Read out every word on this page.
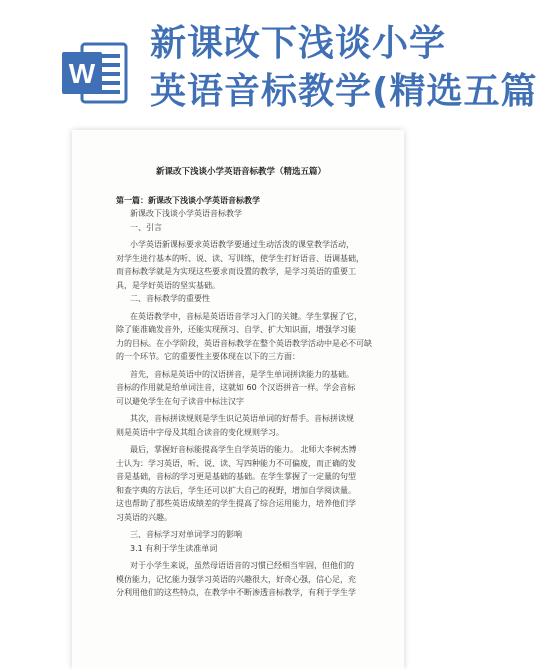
W
新课改下浅谈小学
英语音标教学(精选五篇

新课改下浅谈小学英语音标教学（精选五篇）

第一篇：新课改下浅谈小学英语音标教学

新课改下浅谈小学英语音标教学

一、引言

小学英语新课标要求英语教学要通过生动活泼的课堂教学活动，

对学生进行基本的听、说、读、写训练，使学生打好语音、语调基础，

而音标教学就是为实现这些要求而设置的教学，是学习英语的重要工

具，是学好英语的坚实基础。

二、音标教学的重要性

在英语教学中，音标是英语语音学习入门的关键。学生掌握了它，

除了能准确发音外，还能实现预习、自学、扩大知识面，增强学习能

力的目标。在小学阶段，英语音标教学在整个英语教学活动中是必不可缺

的一个环节。它的重要性主要体现在以下的三方面：

首先，音标是英语中的汉语拼音，是学生单词拼读能力的基础。

音标的作用就是给单词注音，这就如 60 个汉语拼音一样。学会音标

可以避免学生在句子读音中标注汉字

其次，音标拼读规则是学生识记英语单词的好帮手。音标拼读规

则是英语中字母及其组合读音的变化规则学习。

最后，掌握好音标能提高学生自学英语的能力。 北师大李树杰博

士认为：学习英语，听、说、读、写四种能力不可偏废，而正确的发

音是基础，音标的学习更是基础的基础。在学生掌握了一定量的句型

和查字典的方法后，学生还可以扩大自己的视野，增加自学阅读量。

这也帮助了那些英语成绩差的学生提高了综合运用能力，培养他们学

习英语的兴趣。

三、音标学习对单词学习的影响

3.1 有利于学生读准单词

对于小学生来说，虽然母语语音的习惯已经相当牢固，但他们的

模仿能力，记忆能力强学习英语的兴趣很大，好奇心强，信心足，充

分利用他们的这些特点，在教学中不断渗透音标教学，有利于学生学
